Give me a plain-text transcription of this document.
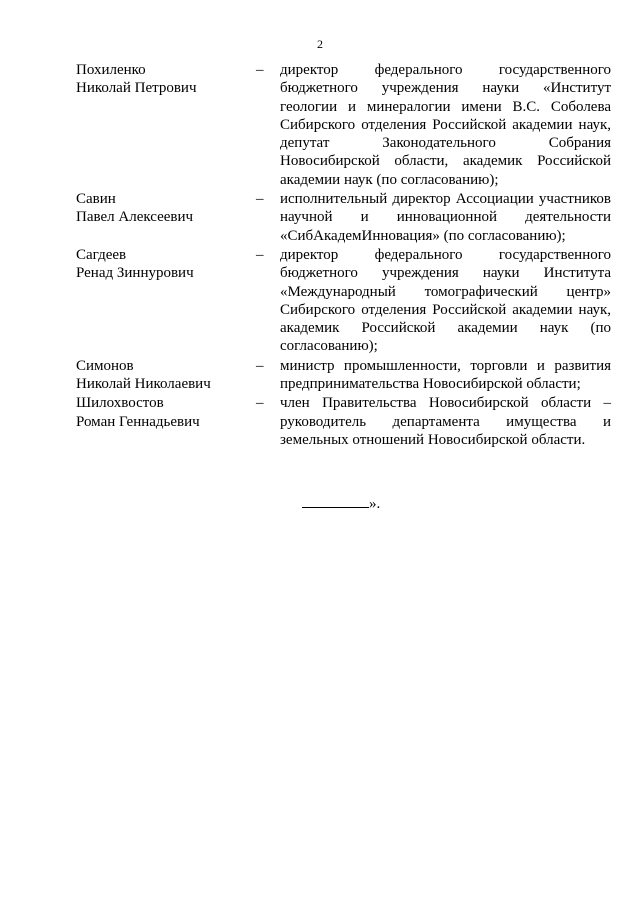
2
Похиленко
Николай Петрович
–	директор федерального государственного бюджетного учреждения науки «Институт геологии и минералогии имени В.С. Соболева Сибирского отделения Российской академии наук, депутат Законодательного Собрания Новосибирской области, академик Российской академии наук (по согласованию);
Савин
Павел Алексеевич
–	исполнительный директор Ассоциации участников научной и инновационной деятельности «СибАкадемИнновация» (по согласованию);
Сагдеев
Ренад Зиннурович
–	директор федерального государственного бюджетного учреждения науки Института «Международный томографический центр» Сибирского отделения Российской академии наук, академик Российской академии наук (по согласованию);
Симонов
Николай Николаевич
–	министр промышленности, торговли и развития предпринимательства Новосибирской области;
Шилохвостов
Роман Геннадьевич
–	член Правительства Новосибирской области – руководитель департамента имущества и земельных отношений Новосибирской области.
».
